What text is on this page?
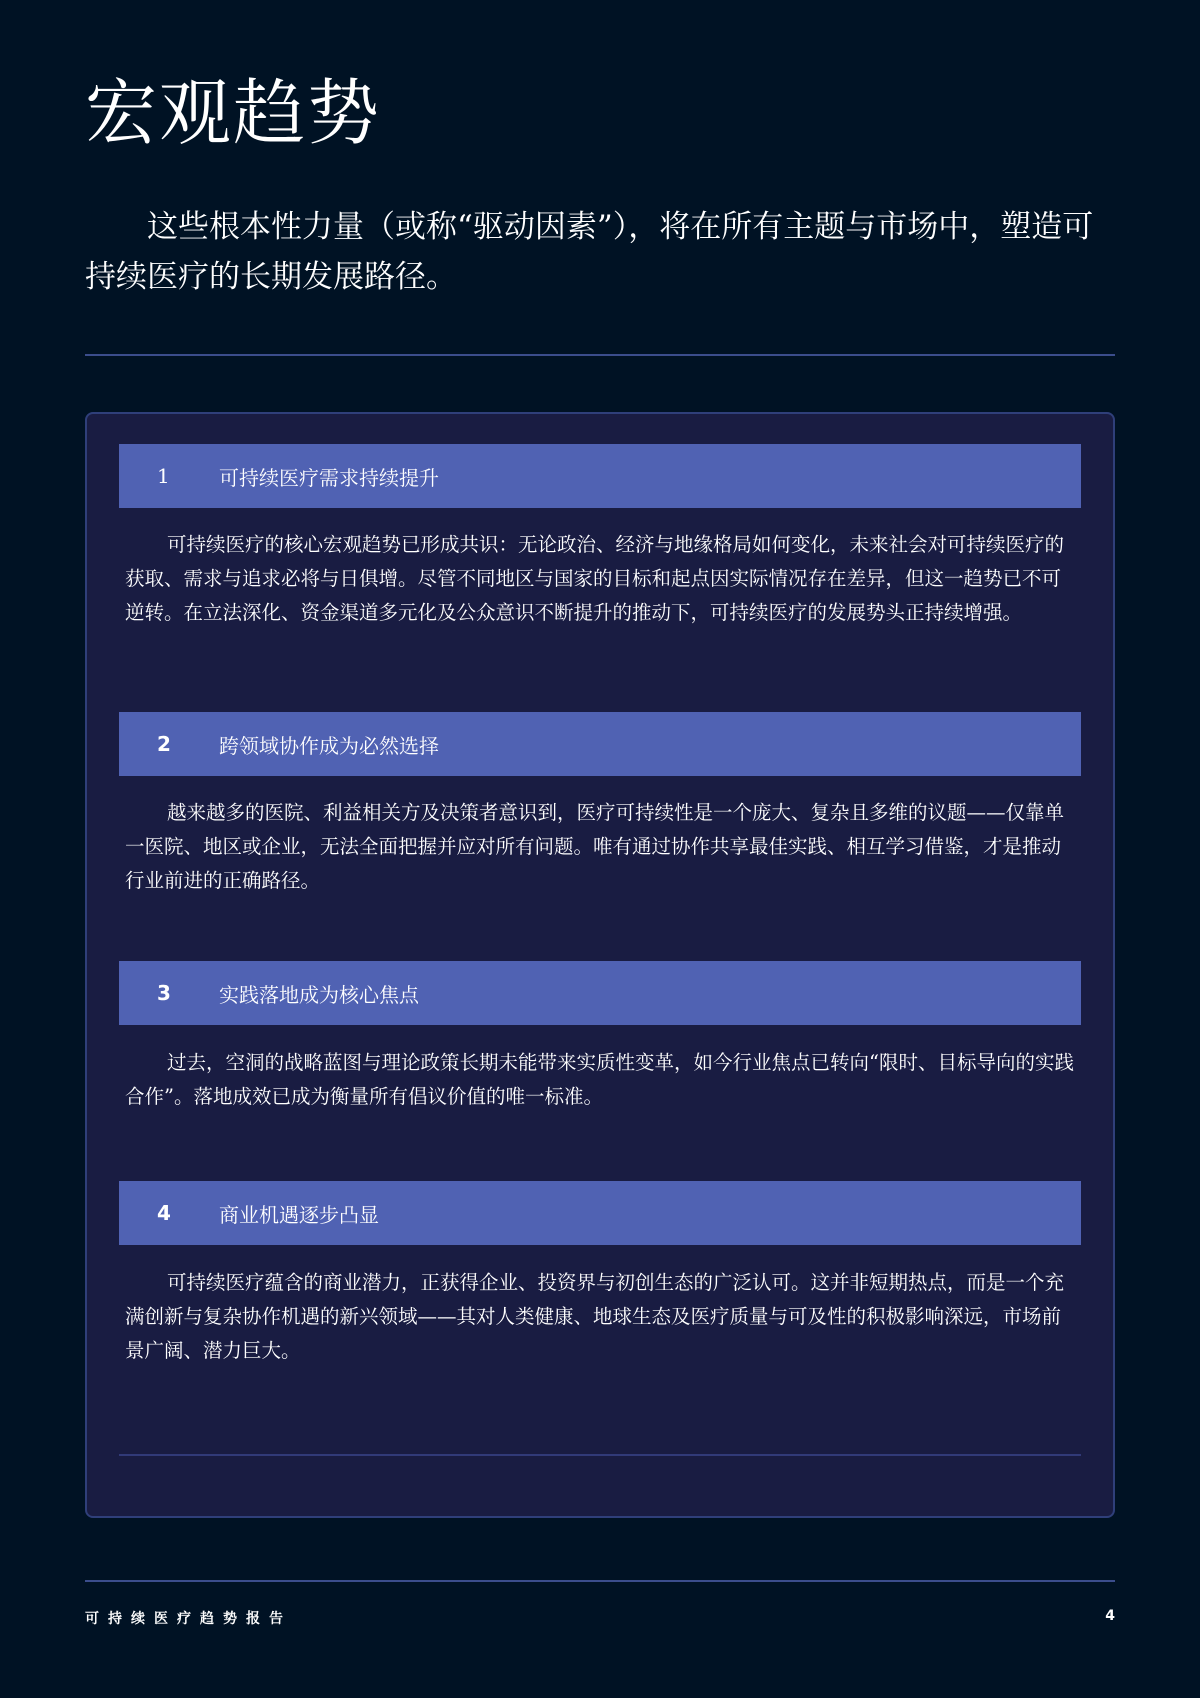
宏观趋势

这些根本性力量（或称“驱动因素”），将在所有主题与市场中，塑造可持续医疗的长期发展路径。

1	可持续医疗需求持续提升

可持续医疗的核心宏观趋势已形成共识：无论政治、经济与地缘格局如何变化，未来社会对可持续医疗的获取、需求与追求必将与日俱增。尽管不同地区与国家的目标和起点因实际情况存在差异，但这一趋势已不可逆转。在立法深化、资金渠道多元化及公众意识不断提升的推动下，可持续医疗的发展势头正持续增强。

2	跨领域协作成为必然选择

越来越多的医院、利益相关方及决策者意识到，医疗可持续性是一个庞大、复杂且多维的议题——仅靠单一医院、地区或企业，无法全面把握并应对所有问题。唯有通过协作共享最佳实践、相互学习借鉴，才是推动行业前进的正确路径。

3	实践落地成为核心焦点

过去，空洞的战略蓝图与理论政策长期未能带来实质性变革，如今行业焦点已转向“限时、目标导向的实践合作”。落地成效已成为衡量所有倡议价值的唯一标准。

4	商业机遇逐步凸显

可持续医疗蕴含的商业潜力，正获得企业、投资界与初创生态的广泛认可。这并非短期热点，而是一个充满创新与复杂协作机遇的新兴领域——其对人类健康、地球生态及医疗质量与可及性的积极影响深远，市场前景广阔、潜力巨大。

可持续医疗趋势报告	4
